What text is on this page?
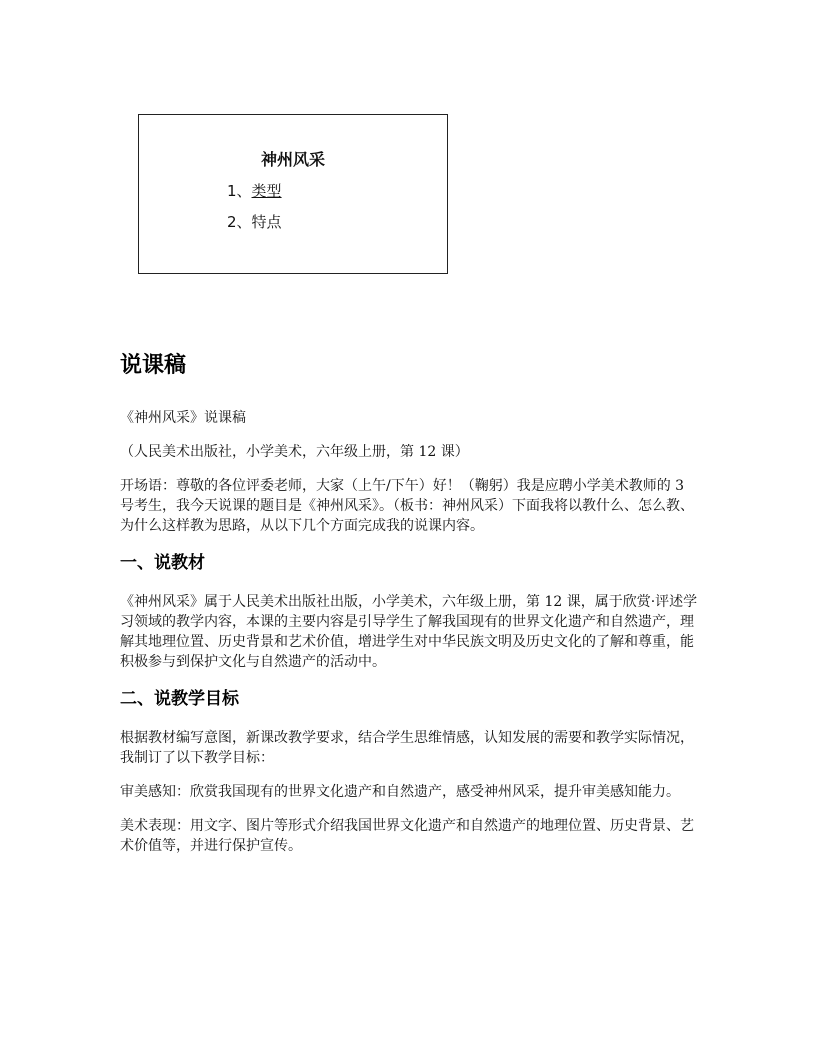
神州风采
1、类型
2、特点
说课稿

《神州风采》说课稿

（人民美术出版社，小学美术，六年级上册，第 12 课）

开场语：尊敬的各位评委老师，大家（上午/下午）好！（鞠躬）我是应聘小学美术教师的 3 号考生，我今天说课的题目是《神州风采》。（板书：神州风采）下面我将以教什么、怎么教、为什么这样教为思路，从以下几个方面完成我的说课内容。

一、说教材

《神州风采》属于人民美术出版社出版，小学美术，六年级上册，第 12 课，属于欣赏·评述学习领域的教学内容，本课的主要内容是引导学生了解我国现有的世界文化遗产和自然遗产，理解其地理位置、历史背景和艺术价值，增进学生对中华民族文明及历史文化的了解和尊重，能积极参与到保护文化与自然遗产的活动中。

二、说教学目标

根据教材编写意图，新课改教学要求，结合学生思维情感，认知发展的需要和教学实际情况，我制订了以下教学目标：

审美感知：欣赏我国现有的世界文化遗产和自然遗产，感受神州风采，提升审美感知能力。

美术表现：用文字、图片等形式介绍我国世界文化遗产和自然遗产的地理位置、历史背景、艺术价值等，并进行保护宣传。
